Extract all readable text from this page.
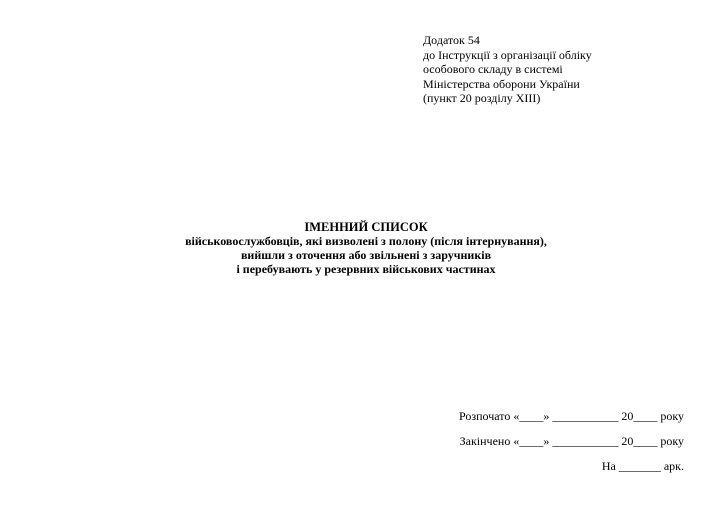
Додаток 54
до Інструкції з організації обліку
особового складу в системі
Міністерства оборони України
(пункт 20 розділу XIII)
ІМЕННИЙ СПИСОК
військовослужбовців, які визволені з полону (після інтернування),
вийшли з оточення або звільнені з заручників
і перебувають у резервних військових частинах
Розпочато «____» ___________ 20____ року
Закінчено «____» ___________ 20____ року
На _______ арк.
